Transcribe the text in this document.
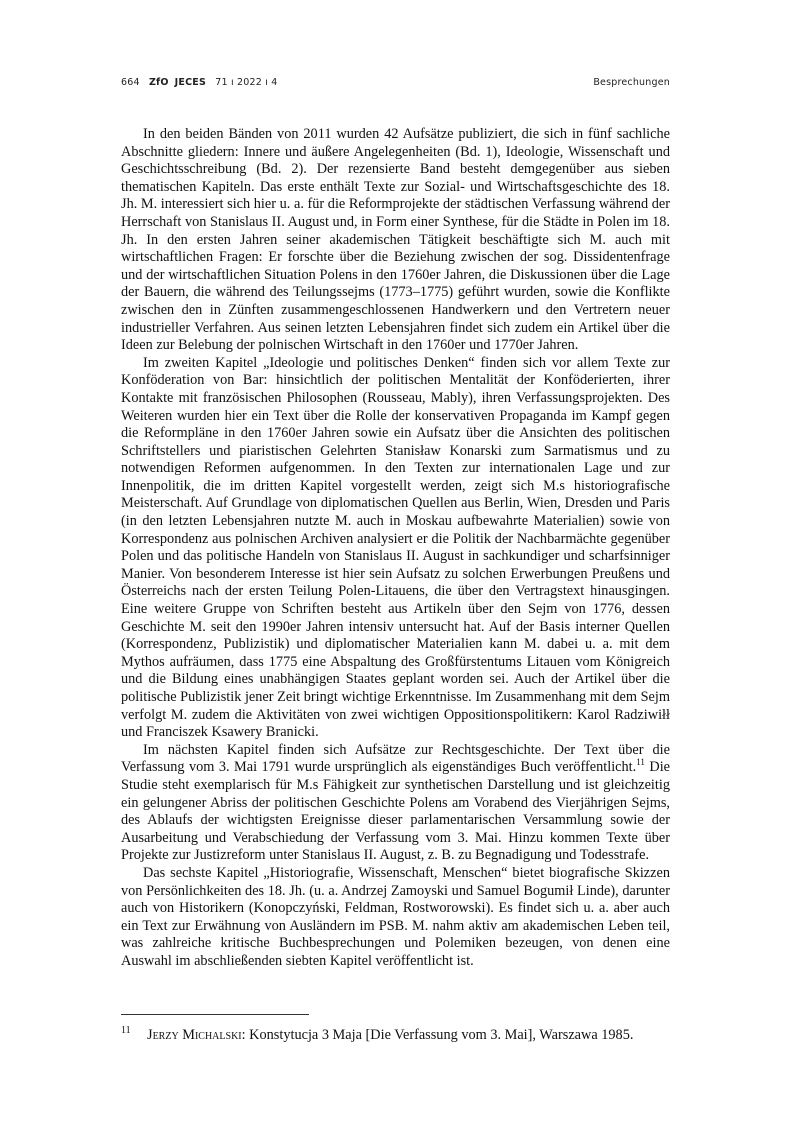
664 ZfO JECES 71 ı 2022 ı 4	Besprechungen

In den beiden Bänden von 2011 wurden 42 Aufsätze publiziert, die sich in fünf sachliche Abschnitte gliedern: Innere und äußere Angelegenheiten (Bd. 1), Ideologie, Wissenschaft und Geschichtsschreibung (Bd. 2). Der rezensierte Band besteht demgegenüber aus sieben thematischen Kapiteln. Das erste enthält Texte zur Sozial- und Wirtschaftsgeschichte des 18. Jh. M. interessiert sich hier u. a. für die Reformprojekte der städtischen Verfassung während der Herrschaft von Stanislaus II. August und, in Form einer Synthese, für die Städte in Polen im 18. Jh. In den ersten Jahren seiner akademischen Tätigkeit beschäftigte sich M. auch mit wirtschaftlichen Fragen: Er forschte über die Beziehung zwischen der sog. Dissidentenfrage und der wirtschaftlichen Situation Polens in den 1760er Jahren, die Diskussionen über die Lage der Bauern, die während des Teilungssejms (1773–1775) geführt wurden, sowie die Konflikte zwischen den in Zünften zusammengeschlossenen Handwerkern und den Vertretern neuer industrieller Verfahren. Aus seinen letzten Lebensjahren findet sich zudem ein Artikel über die Ideen zur Belebung der polnischen Wirtschaft in den 1760er und 1770er Jahren.

Im zweiten Kapitel „Ideologie und politisches Denken“ finden sich vor allem Texte zur Konföderation von Bar: hinsichtlich der politischen Mentalität der Konföderierten, ihrer Kontakte mit französischen Philosophen (Rousseau, Mably), ihren Verfassungsprojekten. Des Weiteren wurden hier ein Text über die Rolle der konservativen Propaganda im Kampf gegen die Reformpläne in den 1760er Jahren sowie ein Aufsatz über die Ansichten des politischen Schriftstellers und piaristischen Gelehrten Stanisław Konarski zum Sarmatismus und zu notwendigen Reformen aufgenommen. In den Texten zur internationalen Lage und zur Innenpolitik, die im dritten Kapitel vorgestellt werden, zeigt sich M.s historiografische Meisterschaft. Auf Grundlage von diplomatischen Quellen aus Berlin, Wien, Dresden und Paris (in den letzten Lebensjahren nutzte M. auch in Moskau aufbewahrte Materialien) sowie von Korrespondenz aus polnischen Archiven analysiert er die Politik der Nachbarmächte gegenüber Polen und das politische Handeln von Stanislaus II. August in sachkundiger und scharfsinniger Manier. Von besonderem Interesse ist hier sein Aufsatz zu solchen Erwerbungen Preußens und Österreichs nach der ersten Teilung Polen-Litauens, die über den Vertragstext hinausgingen. Eine weitere Gruppe von Schriften besteht aus Artikeln über den Sejm von 1776, dessen Geschichte M. seit den 1990er Jahren intensiv untersucht hat. Auf der Basis interner Quellen (Korrespondenz, Publizistik) und diplomatischer Materialien kann M. dabei u. a. mit dem Mythos aufräumen, dass 1775 eine Abspaltung des Großfürstentums Litauen vom Königreich und die Bildung eines unabhängigen Staates geplant worden sei. Auch der Artikel über die politische Publizistik jener Zeit bringt wichtige Erkenntnisse. Im Zusammenhang mit dem Sejm verfolgt M. zudem die Aktivitäten von zwei wichtigen Oppositionspolitikern: Karol Radziwiłł und Franciszek Ksawery Branicki.

Im nächsten Kapitel finden sich Aufsätze zur Rechtsgeschichte. Der Text über die Verfassung vom 3. Mai 1791 wurde ursprünglich als eigenständiges Buch veröffentlicht.$^{11}$ Die Studie steht exemplarisch für M.s Fähigkeit zur synthetischen Darstellung und ist gleichzeitig ein gelungener Abriss der politischen Geschichte Polens am Vorabend des Vierjährigen Sejms, des Ablaufs der wichtigsten Ereignisse dieser parlamentarischen Versammlung sowie der Ausarbeitung und Verabschiedung der Verfassung vom 3. Mai. Hinzu kommen Texte über Projekte zur Justizreform unter Stanislaus II. August, z. B. zu Begnadigung und Todesstrafe.

Das sechste Kapitel „Historiografie, Wissenschaft, Menschen“ bietet biografische Skizzen von Persönlichkeiten des 18. Jh. (u. a. Andrzej Zamoyski und Samuel Bogumił Linde), darunter auch von Historikern (Konopczyński, Feldman, Rostworowski). Es findet sich u. a. aber auch ein Text zur Erwähnung von Ausländern im PSB. M. nahm aktiv am akademischen Leben teil, was zahlreiche kritische Buchbesprechungen und Polemiken bezeugen, von denen eine Auswahl im abschließenden siebten Kapitel veröffentlicht ist.

11 Jerzy Michalski: Konstytucja 3 Maja [Die Verfassung vom 3. Mai], Warszawa 1985.
